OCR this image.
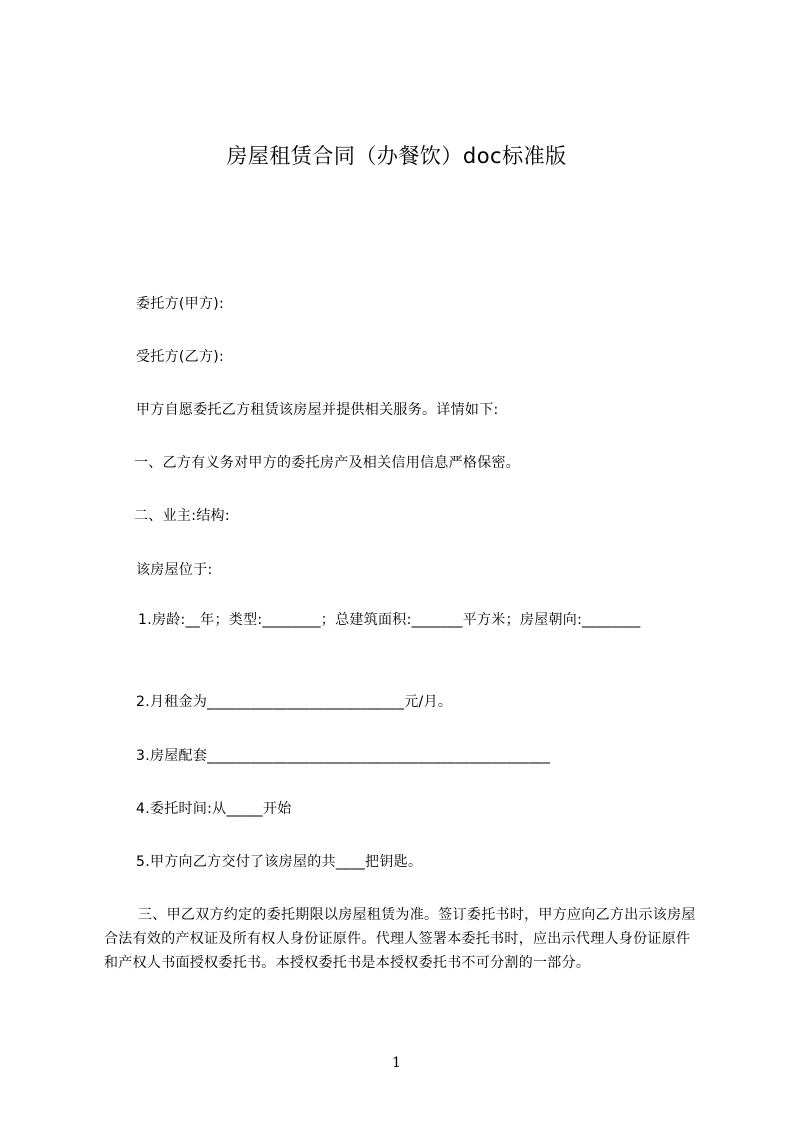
房屋租赁合同（办餐饮）doc标准版
委托方(甲方):
受托方(乙方):
甲方自愿委托乙方租赁该房屋并提供相关服务。详情如下:
一、乙方有义务对甲方的委托房产及相关信用信息严格保密。
二、业主:结构:
该房屋位于:
1.房龄:__年；类型:________；总建筑面积:_______平方米；房屋朝向:________
2.月租金为___________________________元/月。
3.房屋配套_______________________________________________
4.委托时间:从_____开始
5.甲方向乙方交付了该房屋的共____把钥匙。
三、甲乙双方约定的委托期限以房屋租赁为准。签订委托书时，甲方应向乙方出示该房屋合法有效的产权证及所有权人身份证原件。代理人签署本委托书时，应出示代理人身份证原件和产权人书面授权委托书。本授权委托书是本授权委托书不可分割的一部分。
1
